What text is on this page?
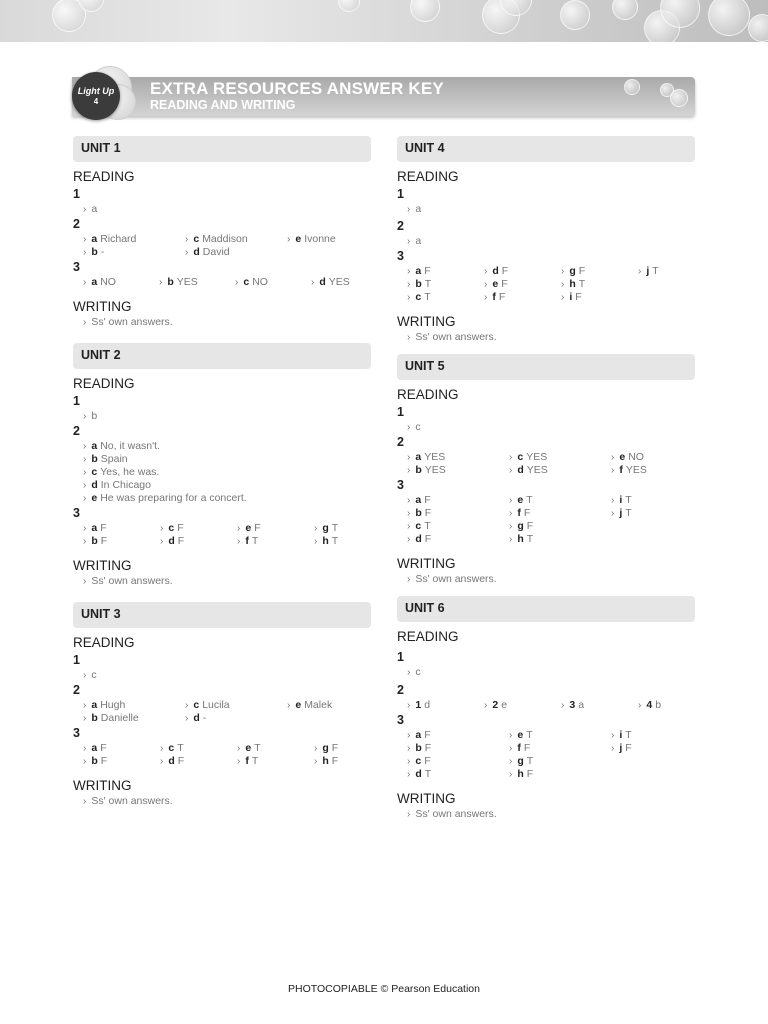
EXTRA RESOURCES ANSWER KEY
READING AND WRITING
Light Up
4
UNIT 1
READING
1
› a
2
› a Richard	› c Maddison	› e Ivonne
› b -	› d David
3
› a NO	› b YES	› c NO	› d YES
WRITING
› Ss' own answers.
UNIT 2
READING
1
› b
2
› a No, it wasn't.
› b Spain
› c Yes, he was.
› d In Chicago
› e He was preparing for a concert.
3
› a F	› c F	› e F	› g T
› b F	› d F	› f T	› h T
WRITING
› Ss' own answers.
UNIT 3
READING
1
› c
2
› a Hugh	› c Lucila	› e Malek
› b Danielle	› d -
3
› a F	› c T	› e T	› g F
› b F	› d F	› f T	› h F
WRITING
› Ss' own answers.
UNIT 4
READING
1
› a
2
› a
3
› a F	› d F	› g F	› j T
› b T	› e F	› h T
› c T	› f F	› i F
WRITING
› Ss' own answers.
UNIT 5
READING
1
› c
2
› a YES	› c YES	› e NO
› b YES	› d YES	› f YES
3
› a F	› e T	› i T
› b F	› f F	› j T
› c T	› g F
› d F	› h T
WRITING
› Ss' own answers.
UNIT 6
READING
1
› c
2
› 1 d	› 2 e	› 3 a	› 4 b
3
› a F	› e T	› i T
› b F	› f F	› j F
› c F	› g T
› d T	› h F
WRITING
› Ss' own answers.
PHOTOCOPIABLE © Pearson Education
